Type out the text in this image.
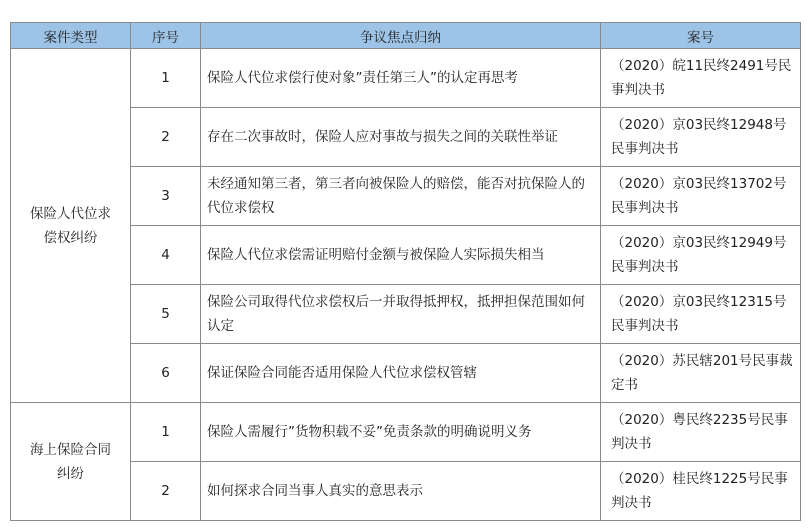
案件类型	序号	争议焦点归纳	案号
保险人代位求偿权纠纷	1	保险人代位求偿行使对象”责任第三人”的认定再思考	（2020）皖11民终2491号民事判决书
	2	存在二次事故时，保险人应对事故与损失之间的关联性举证	（2020）京03民终12948号民事判决书
	3	未经通知第三者，第三者向被保险人的赔偿，能否对抗保险人的代位求偿权	（2020）京03民终13702号民事判决书
	4	保险人代位求偿需证明赔付金额与被保险人实际损失相当	（2020）京03民终12949号民事判决书
	5	保险公司取得代位求偿权后一并取得抵押权，抵押担保范围如何认定	（2020）京03民终12315号民事判决书
	6	保证保险合同能否适用保险人代位求偿权管辖	（2020）苏民辖201号民事裁定书
海上保险合同纠纷	1	保险人需履行”货物积载不妥”免责条款的明确说明义务	（2020）粤民终2235号民事判决书
	2	如何探求合同当事人真实的意思表示	（2020）桂民终1225号民事判决书
